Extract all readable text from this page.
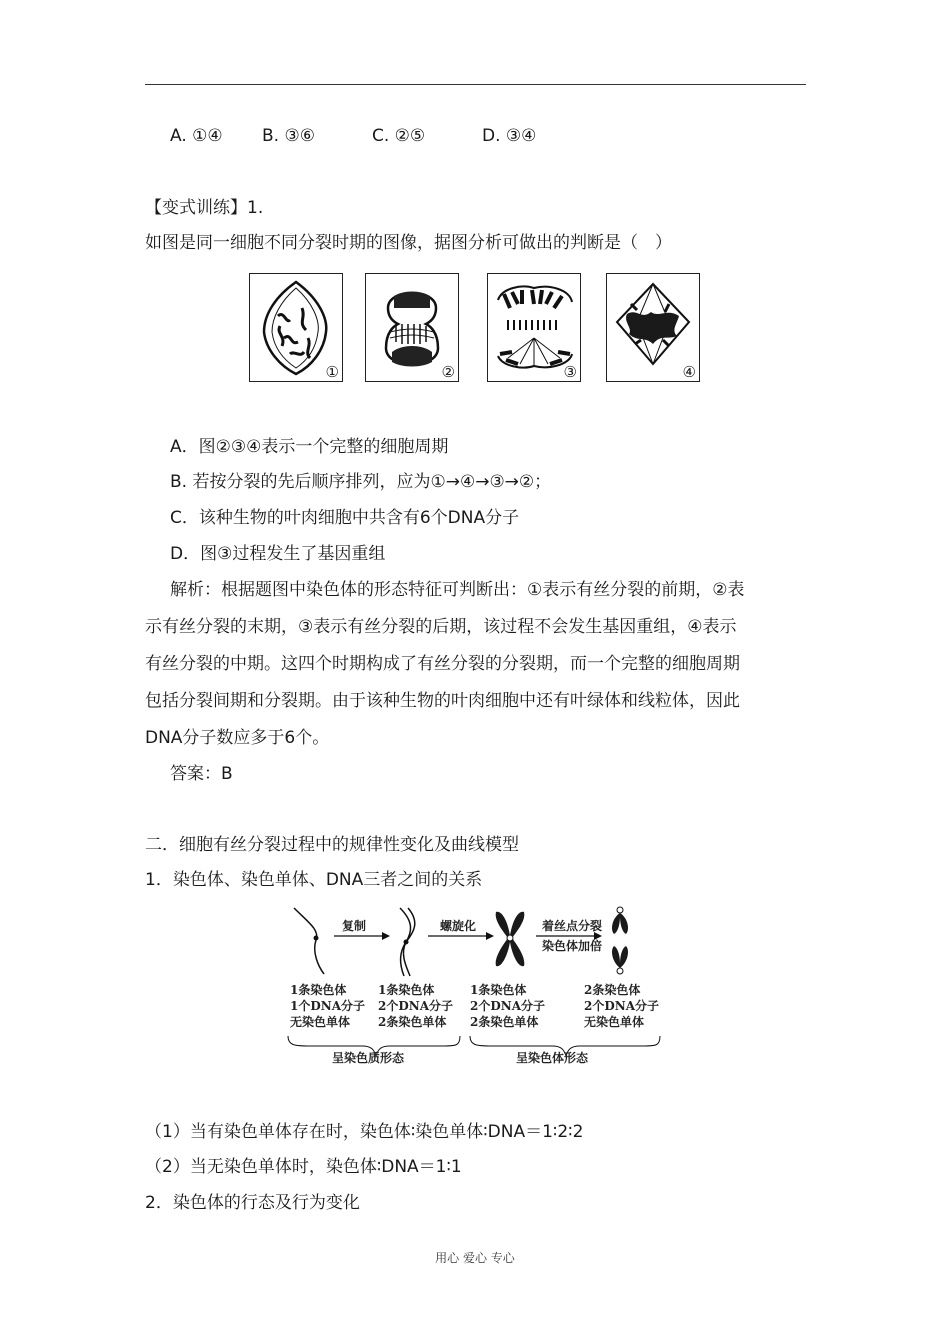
A. ①④ B. ③⑥	C. ②⑤	D. ③④
【变式训练】1.
如图是同一细胞不同分裂时期的图像，据图分析可做出的判断是（　）
①	②	③	④
A．图②③④表示一个完整的细胞周期
B. 若按分裂的先后顺序排列，应为①→④→③→②；
C．该种生物的叶肉细胞中共含有6个DNA分子
D．图③过程发生了基因重组
解析：根据题图中染色体的形态特征可判断出：①表示有丝分裂的前期，②表
示有丝分裂的末期，③表示有丝分裂的后期，该过程不会发生基因重组，④表示
有丝分裂的中期。这四个时期构成了有丝分裂的分裂期，而一个完整的细胞周期
包括分裂间期和分裂期。由于该种生物的叶肉细胞中还有叶绿体和线粒体，因此
DNA分子数应多于6个。
答案：B
二．细胞有丝分裂过程中的规律性变化及曲线模型
1．染色体、染色单体、DNA三者之间的关系
复制	螺旋化	着丝点分裂
染色体加倍
1条染色体
1个DNA分子
无染色单体
1条染色体
2个DNA分子
2条染色单体
1条染色体
2个DNA分子
2条染色单体
2条染色体
2个DNA分子
无染色单体
呈染色质形态	呈染色体形态
（1）当有染色单体存在时，染色体∶染色单体∶DNA＝1∶2∶2
（2）当无染色单体时，染色体∶DNA＝1∶1
2．染色体的行态及行为变化
用心 爱心 专心
